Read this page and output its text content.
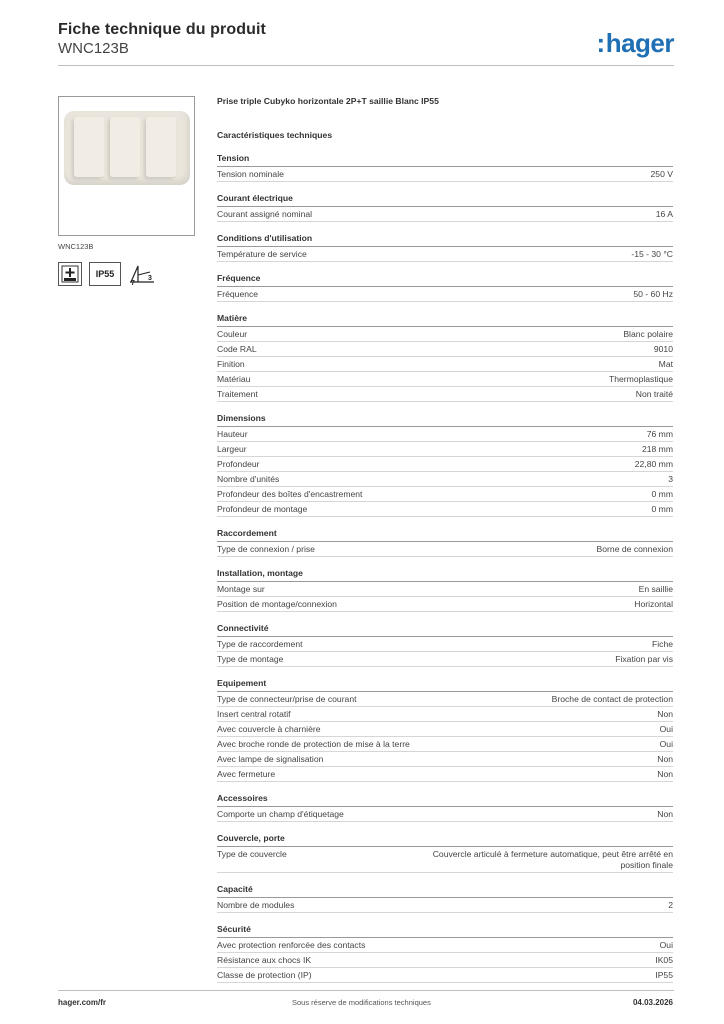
Fiche technique du produit
WNC123B	:hager
WNC123B
IP55
7
3
Prise triple Cubyko horizontale 2P+T saillie Blanc IP55
Caractéristiques techniques
Tension
Tension nominale	250 V
Courant électrique
Courant assigné nominal	16 A
Conditions d'utilisation
Température de service	-15 - 30 °C
Fréquence
Fréquence	50 - 60 Hz
Matière
Couleur	Blanc polaire
Code RAL	9010
Finition	Mat
Matériau	Thermoplastique
Traitement	Non traité
Dimensions
Hauteur	76 mm
Largeur	218 mm
Profondeur	22,80 mm
Nombre d'unités	3
Profondeur des boîtes d'encastrement	0 mm
Profondeur de montage	0 mm
Raccordement
Type de connexion / prise	Borne de connexion
Installation, montage
Montage sur	En saillie
Position de montage/connexion	Horizontal
Connectivité
Type de raccordement	Fiche
Type de montage	Fixation par vis
Equipement
Type de connecteur/prise de courant	Broche de contact de protection
Insert central rotatif	Non
Avec couvercle à charnière	Oui
Avec broche ronde de protection de mise à la terre	Oui
Avec lampe de signalisation	Non
Avec fermeture	Non
Accessoires
Comporte un champ d'étiquetage	Non
Couvercle, porte
Type de couvercle	Couvercle articulé à fermeture automatique, peut être arrêté en position finale
Capacité
Nombre de modules	2
Sécurité
Avec protection renforcée des contacts	Oui
Résistance aux chocs IK	IK05
Classe de protection (IP)	IP55
hager.com/fr	Sous réserve de modifications techniques	04.03.2026
